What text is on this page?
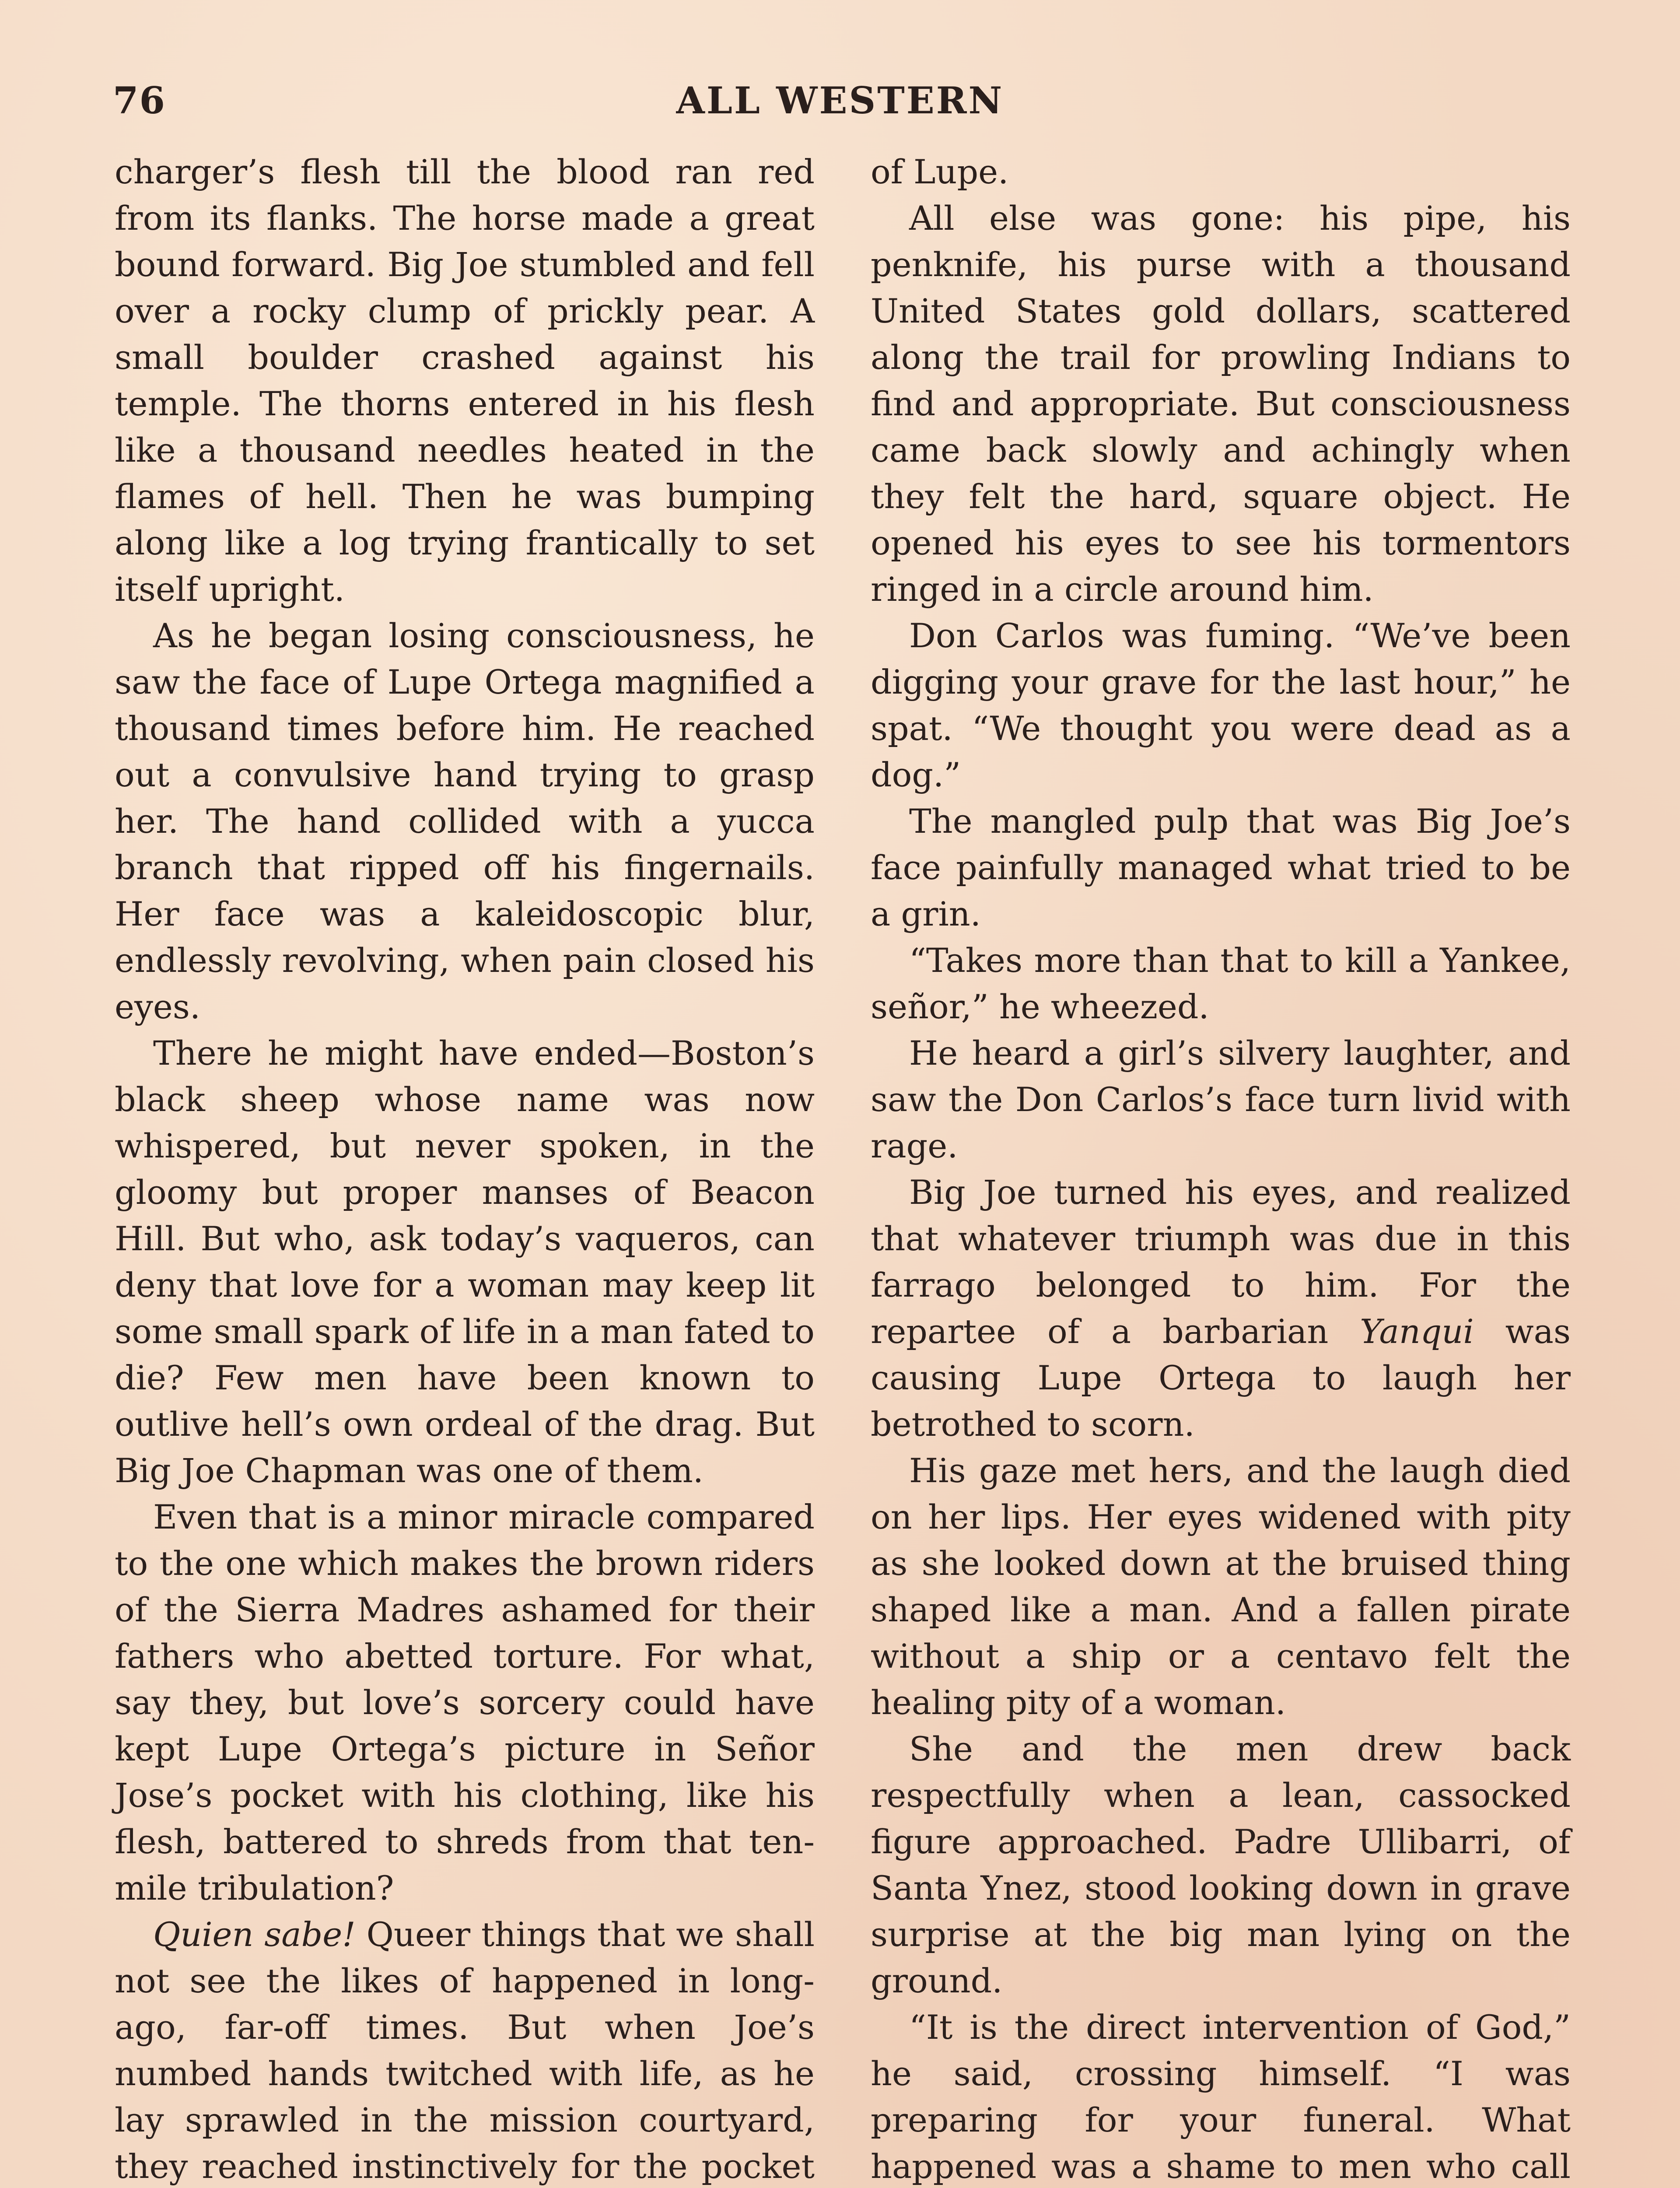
76	ALL WESTERN

charger’s flesh till the blood ran red from its flanks. The horse made a great bound forward. Big Joe stumbled and fell over a rocky clump of prickly pear. A small boulder crashed against his temple. The thorns entered in his flesh like a thousand needles heated in the flames of hell. Then he was bumping along like a log trying frantically to set itself upright.

As he began losing consciousness, he saw the face of Lupe Ortega magnified a thousand times before him. He reached out a convulsive hand trying to grasp her. The hand collided with a yucca branch that ripped off his fingernails. Her face was a kaleidoscopic blur, endlessly revolving, when pain closed his eyes.

There he might have ended—Boston’s black sheep whose name was now whispered, but never spoken, in the gloomy but proper manses of Beacon Hill. But who, ask today’s vaqueros, can deny that love for a woman may keep lit some small spark of life in a man fated to die? Few men have been known to outlive hell’s own ordeal of the drag. But Big Joe Chapman was one of them.

Even that is a minor miracle compared to the one which makes the brown riders of the Sierra Madres ashamed for their fathers who abetted torture. For what, say they, but love’s sorcery could have kept Lupe Ortega’s picture in Señor Jose’s pocket with his clothing, like his flesh, battered to shreds from that ten-mile tribulation?

Quien sabe! Queer things that we shall not see the likes of happened in long-ago, far-off times. But when Joe’s numbed hands twitched with life, as he lay sprawled in the mission courtyard, they reached instinctively for the pocket

of Lupe.

All else was gone: his pipe, his penknife, his purse with a thousand United States gold dollars, scattered along the trail for prowling Indians to find and appropriate. But consciousness came back slowly and achingly when they felt the hard, square object. He opened his eyes to see his tormentors ringed in a circle around him.

Don Carlos was fuming. “We’ve been digging your grave for the last hour,” he spat. “We thought you were dead as a dog.”

The mangled pulp that was Big Joe’s face painfully managed what tried to be a grin.

“Takes more than that to kill a Yankee, señor,” he wheezed.

He heard a girl’s silvery laughter, and saw the Don Carlos’s face turn livid with rage.

Big Joe turned his eyes, and realized that whatever triumph was due in this farrago belonged to him. For the repartee of a barbarian Yanqui was causing Lupe Ortega to laugh her betrothed to scorn.

His gaze met hers, and the laugh died on her lips. Her eyes widened with pity as she looked down at the bruised thing shaped like a man. And a fallen pirate without a ship or a centavo felt the healing pity of a woman.

She and the men drew back respectfully when a lean, cassocked figure approached. Padre Ullibarri, of Santa Ynez, stood looking down in grave surprise at the big man lying on the ground.

“It is the direct intervention of God,” he said, crossing himself. “I was preparing for your funeral. What happened was a shame to men who call
